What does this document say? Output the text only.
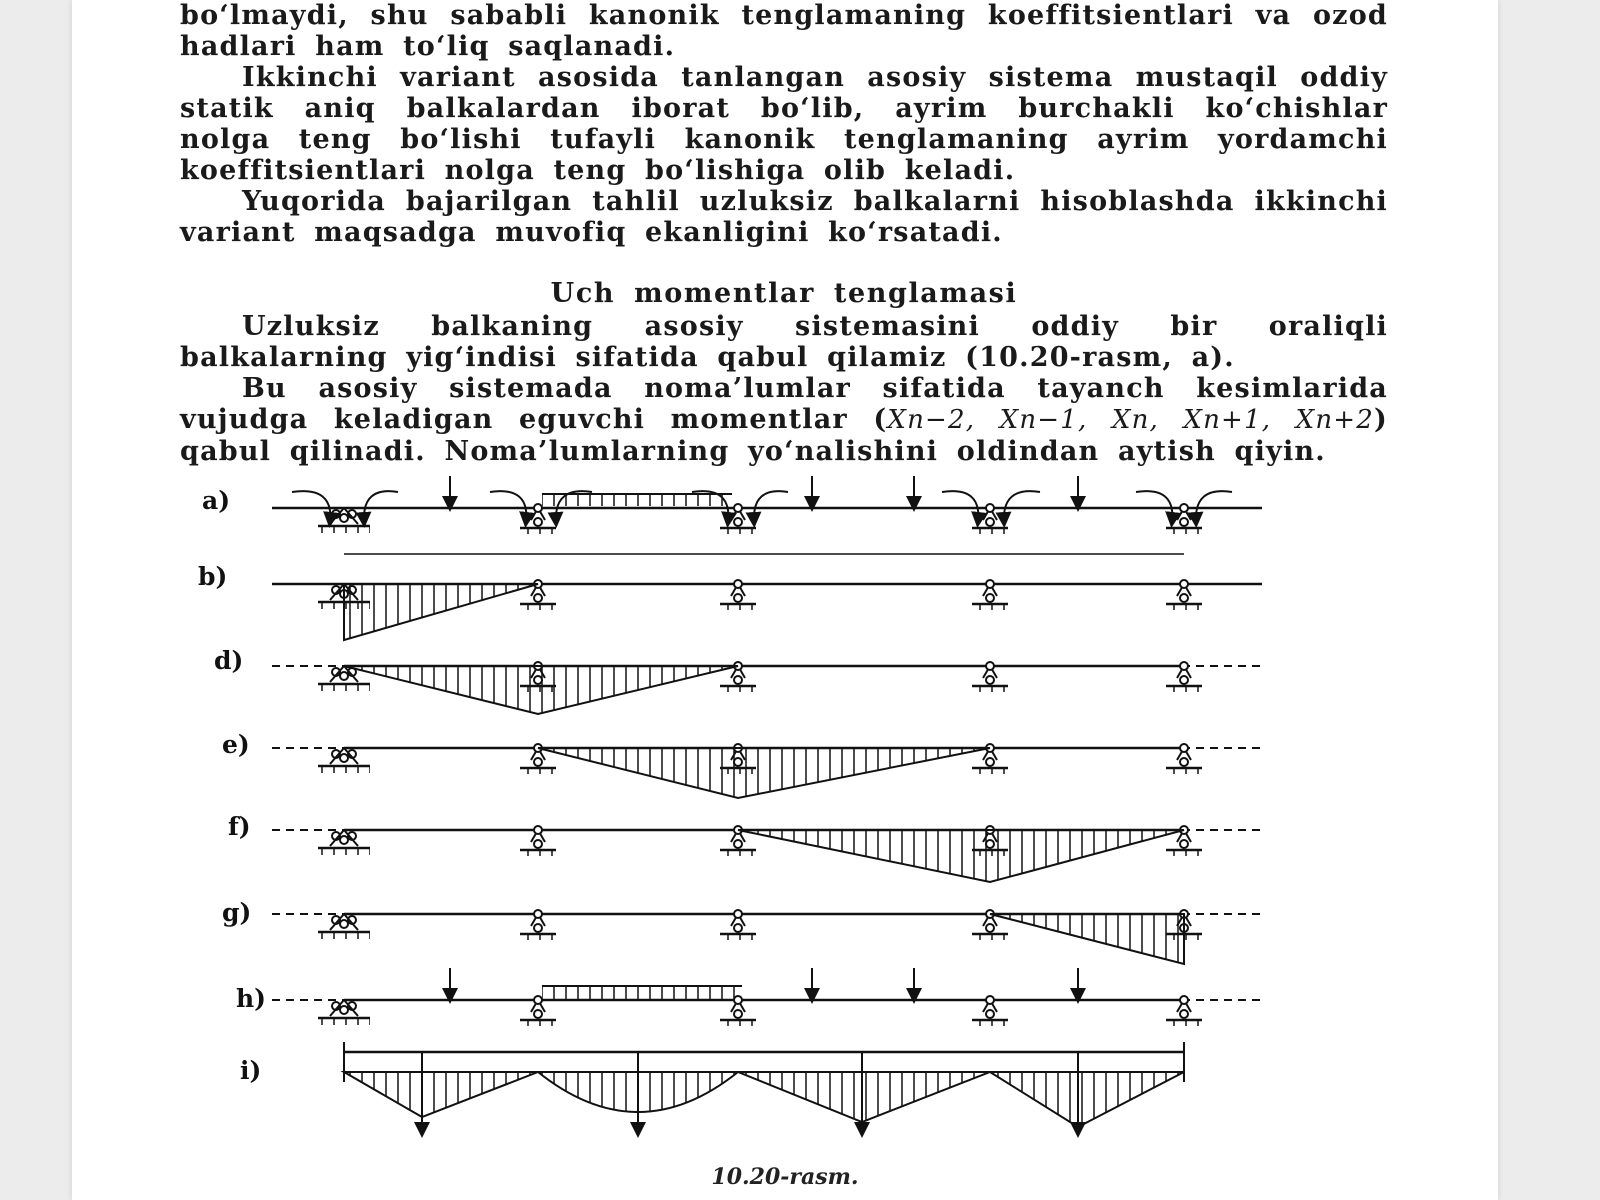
bo‘lmaydi, shu sababli kanonik tenglamaning koeffitsientlari va ozod hadlari ham to‘liq saqlanadi.

Ikkinchi variant asosida tanlangan asosiy sistema mustaqil oddiy statik aniq balkalardan iborat bo‘lib, ayrim burchakli ko‘chishlar nolga teng bo‘lishi tufayli kanonik tenglamaning ayrim yordamchi koeffitsientlari nolga teng bo‘lishiga olib keladi.

Yuqorida bajarilgan tahlil uzluksiz balkalarni hisoblashda ikkinchi variant maqsadga muvofiq ekanligini ko‘rsatadi.

Uch momentlar tenglamasi

Uzluksiz balkaning asosiy sistemasini oddiy bir oraliqli balkalarning yig‘indisi sifatida qabul qilamiz (10.20-rasm, a).

Bu asosiy sistemada noma’lumlar sifatida tayanch kesimlarida vujudga keladigan eguvchi momentlar (Xn−2, Xn−1, Xn, Xn+1, Xn+2) qabul qilinadi. Noma’lumlarning yo‘nalishini oldindan aytish qiyin.

a)
b)
d)
e)
f)
g)
h)
i)
10.20-rasm.
